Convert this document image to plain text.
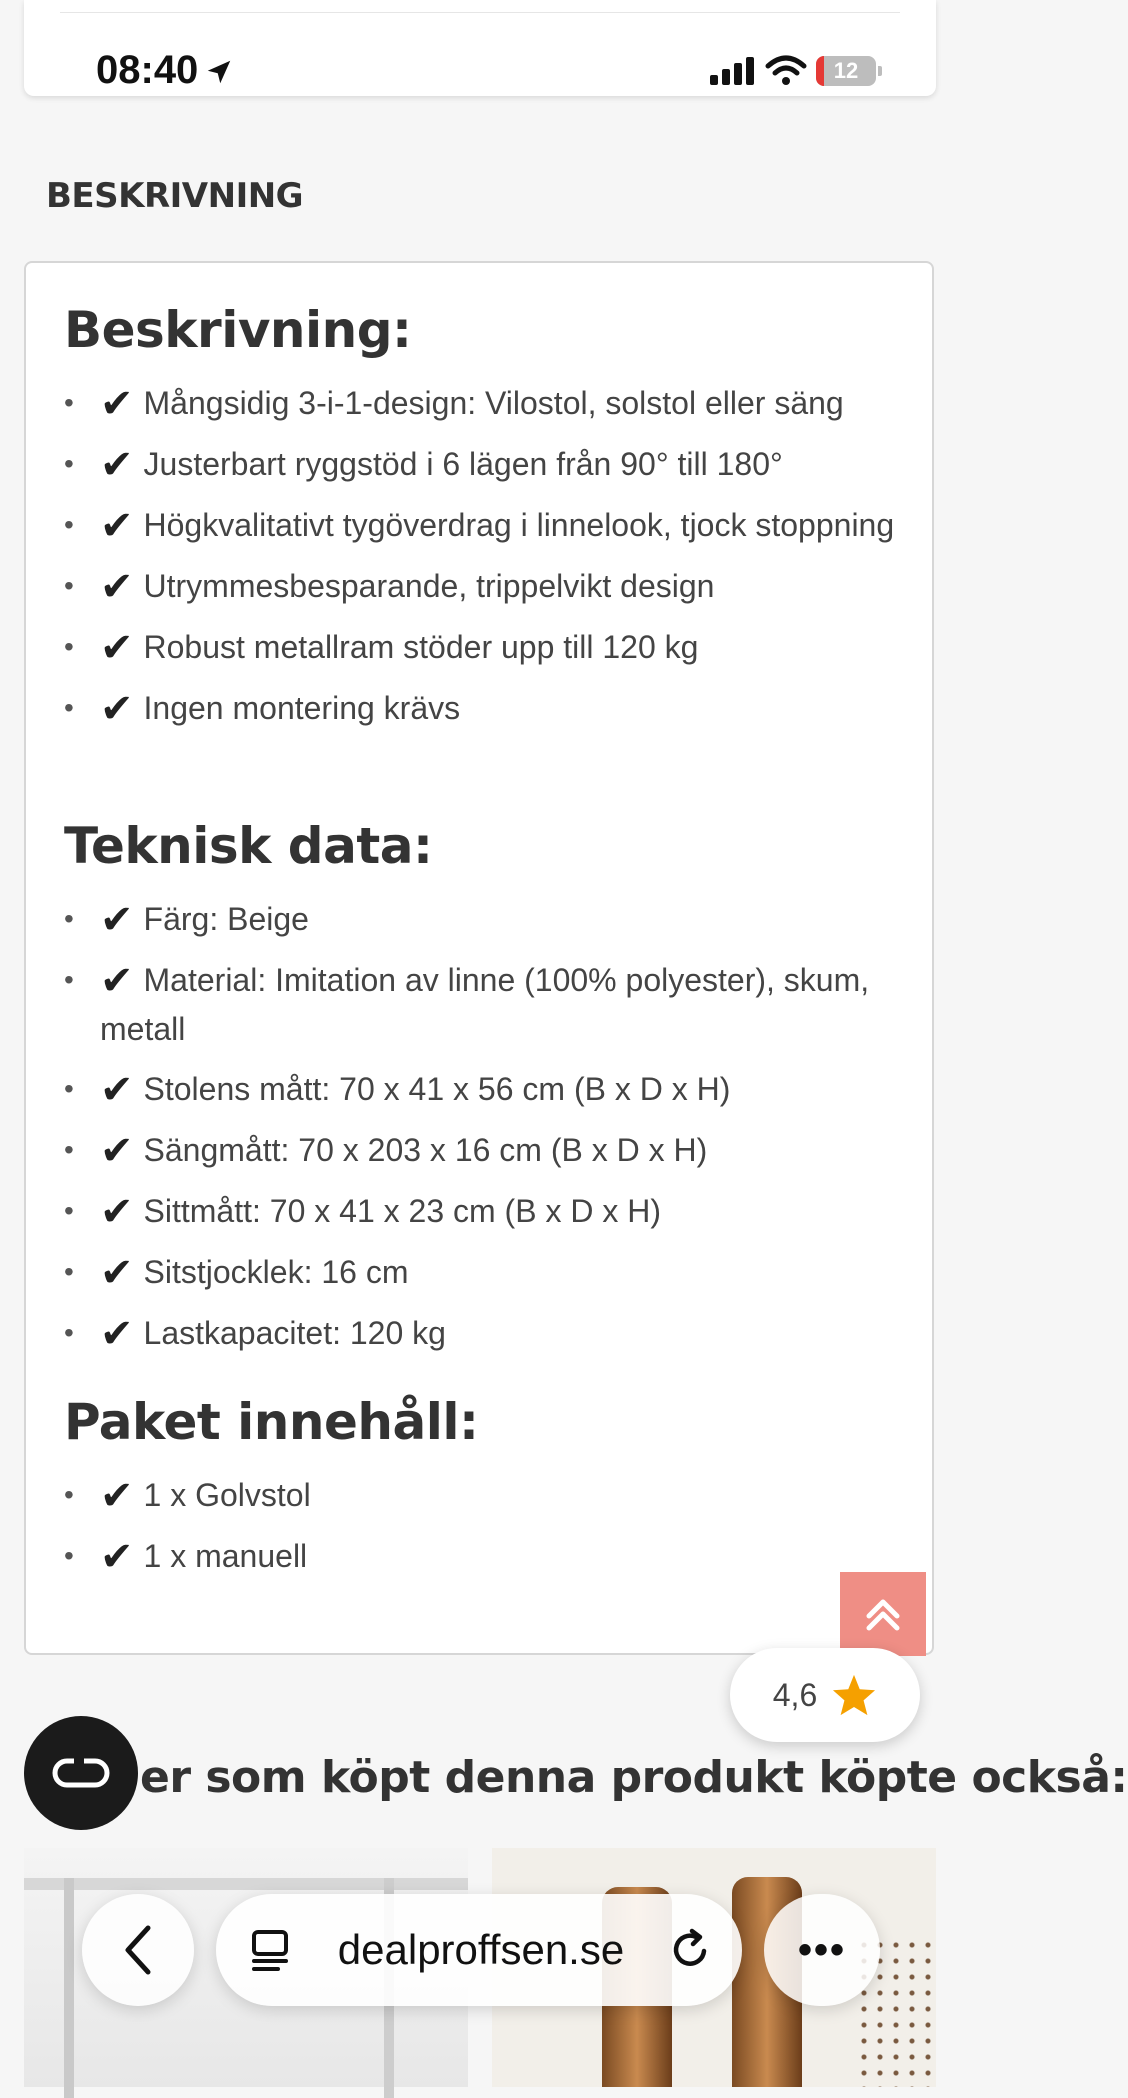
08:40	12
BESKRIVNING
Beskrivning:
• ✔ Mångsidig 3-i-1-design: Vilostol, solstol eller säng
• ✔ Justerbart ryggstöd i 6 lägen från 90° till 180°
• ✔ Högkvalitativt tygöverdrag i linnelook, tjock stoppning
• ✔ Utrymmesbesparande, trippelvikt design
• ✔ Robust metallram stöder upp till 120 kg
• ✔ Ingen montering krävs
Teknisk data:
• ✔ Färg: Beige
• ✔ Material: Imitation av linne (100% polyester), skum, metall
• ✔ Stolens mått: 70 x 41 x 56 cm (B x D x H)
• ✔ Sängmått: 70 x 203 x 16 cm (B x D x H)
• ✔ Sittmått: 70 x 41 x 23 cm (B x D x H)
• ✔ Sitstjocklek: 16 cm
• ✔ Lastkapacitet: 120 kg
Paket innehåll:
• ✔ 1 x Golvstol
• ✔ 1 x manuell
4,6
er som köpt denna produkt köpte också:
dealproffsen.se	•••
